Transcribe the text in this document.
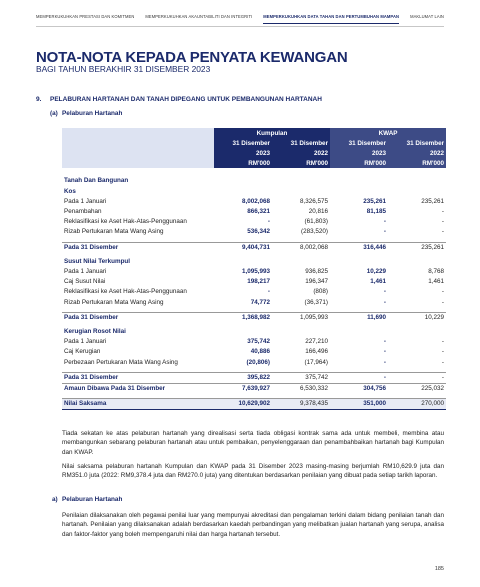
MEMPERKUKUHKAN PRESTASI DAN KOMITMEN	MEMPERKUKUHKAN AKAUNTABILITI DAN INTEGRITI	MEMPERKUKUHKAN DATA TAHAN DAN PERTUMBUHAN MAMPAN	MAKLUMAT LAIN
NOTA-NOTA KEPADA PENYATA KEWANGAN
BAGI TAHUN BERAKHIR 31 DISEMBER 2023
9. PELABURAN HARTANAH DAN TANAH DIPEGANG UNTUK PEMBANGUNAN HARTANAH
(a) Pelaburan Hartanah
	Kumpulan		KWAP	
	31 Disember	31 Disember	31 Disember	31 Disember
	2023	2022	2023	2022
	RM'000	RM'000	RM'000	RM'000

Tanah Dan Bangunan				
Kos				
Pada 1 Januari	8,002,068	8,326,575	235,261	235,261
Penambahan	866,321	20,816	81,185	-
Reklasifikasi ke Aset Hak-Atas-Penggunaan	-	(61,803)	-	-
Rizab Pertukaran Mata Wang Asing	536,342	(283,520)	-	-

Pada 31 Disember	9,404,731	8,002,068	316,446	235,261

Susut Nilai Terkumpul				
Pada 1 Januari	1,095,993	936,825	10,229	8,768
Caj Susut Nilai	198,217	196,347	1,461	1,461
Reklasifikasi ke Aset Hak-Atas-Penggunaan	-	(808)	-	-
Rizab Pertukaran Mata Wang Asing	74,772	(36,371)	-	-

Pada 31 Disember	1,368,982	1,095,993	11,690	10,229

Kerugian Rosot Nilai				
Pada 1 Januari	375,742	227,210	-	-
Caj Kerugian	40,886	166,496	-	-
Perbezaan Pertukaran Mata Wang Asing	(20,806)	(17,964)	-	-

Pada 31 Disember	395,822	375,742	-	-
Amaun Dibawa Pada 31 Disember	7,639,927	6,530,332	304,756	225,032

Nilai Saksama	10,629,902	9,378,435	351,000	270,000
Tiada sekatan ke atas pelaburan hartanah yang direalisasi serta tiada obligasi kontrak sama ada untuk membeli, membina atau membangunkan sebarang pelaburan hartanah atau untuk pembaikan, penyelenggaraan dan penambahbaikan hartanah bagi Kumpulan dan KWAP.
Nilai saksama pelaburan hartanah Kumpulan dan KWAP pada 31 Disember 2023 masing-masing berjumlah RM10,629.9 juta dan RM351.0 juta (2022: RM9,378.4 juta dan RM270.0 juta) yang ditentukan berdasarkan penilaian yang dibuat pada setiap tarikh laporan.
a) Pelaburan Hartanah
Penilaian dilaksanakan oleh pegawai penilai luar yang mempunyai akreditasi dan pengalaman terkini dalam bidang penilaian tanah dan hartanah. Penilaian yang dilaksanakan adalah berdasarkan kaedah perbandingan yang melibatkan jualan hartanah yang serupa, analisa dan faktor-faktor yang boleh mempengaruhi nilai dan harga hartanah tersebut.
185
